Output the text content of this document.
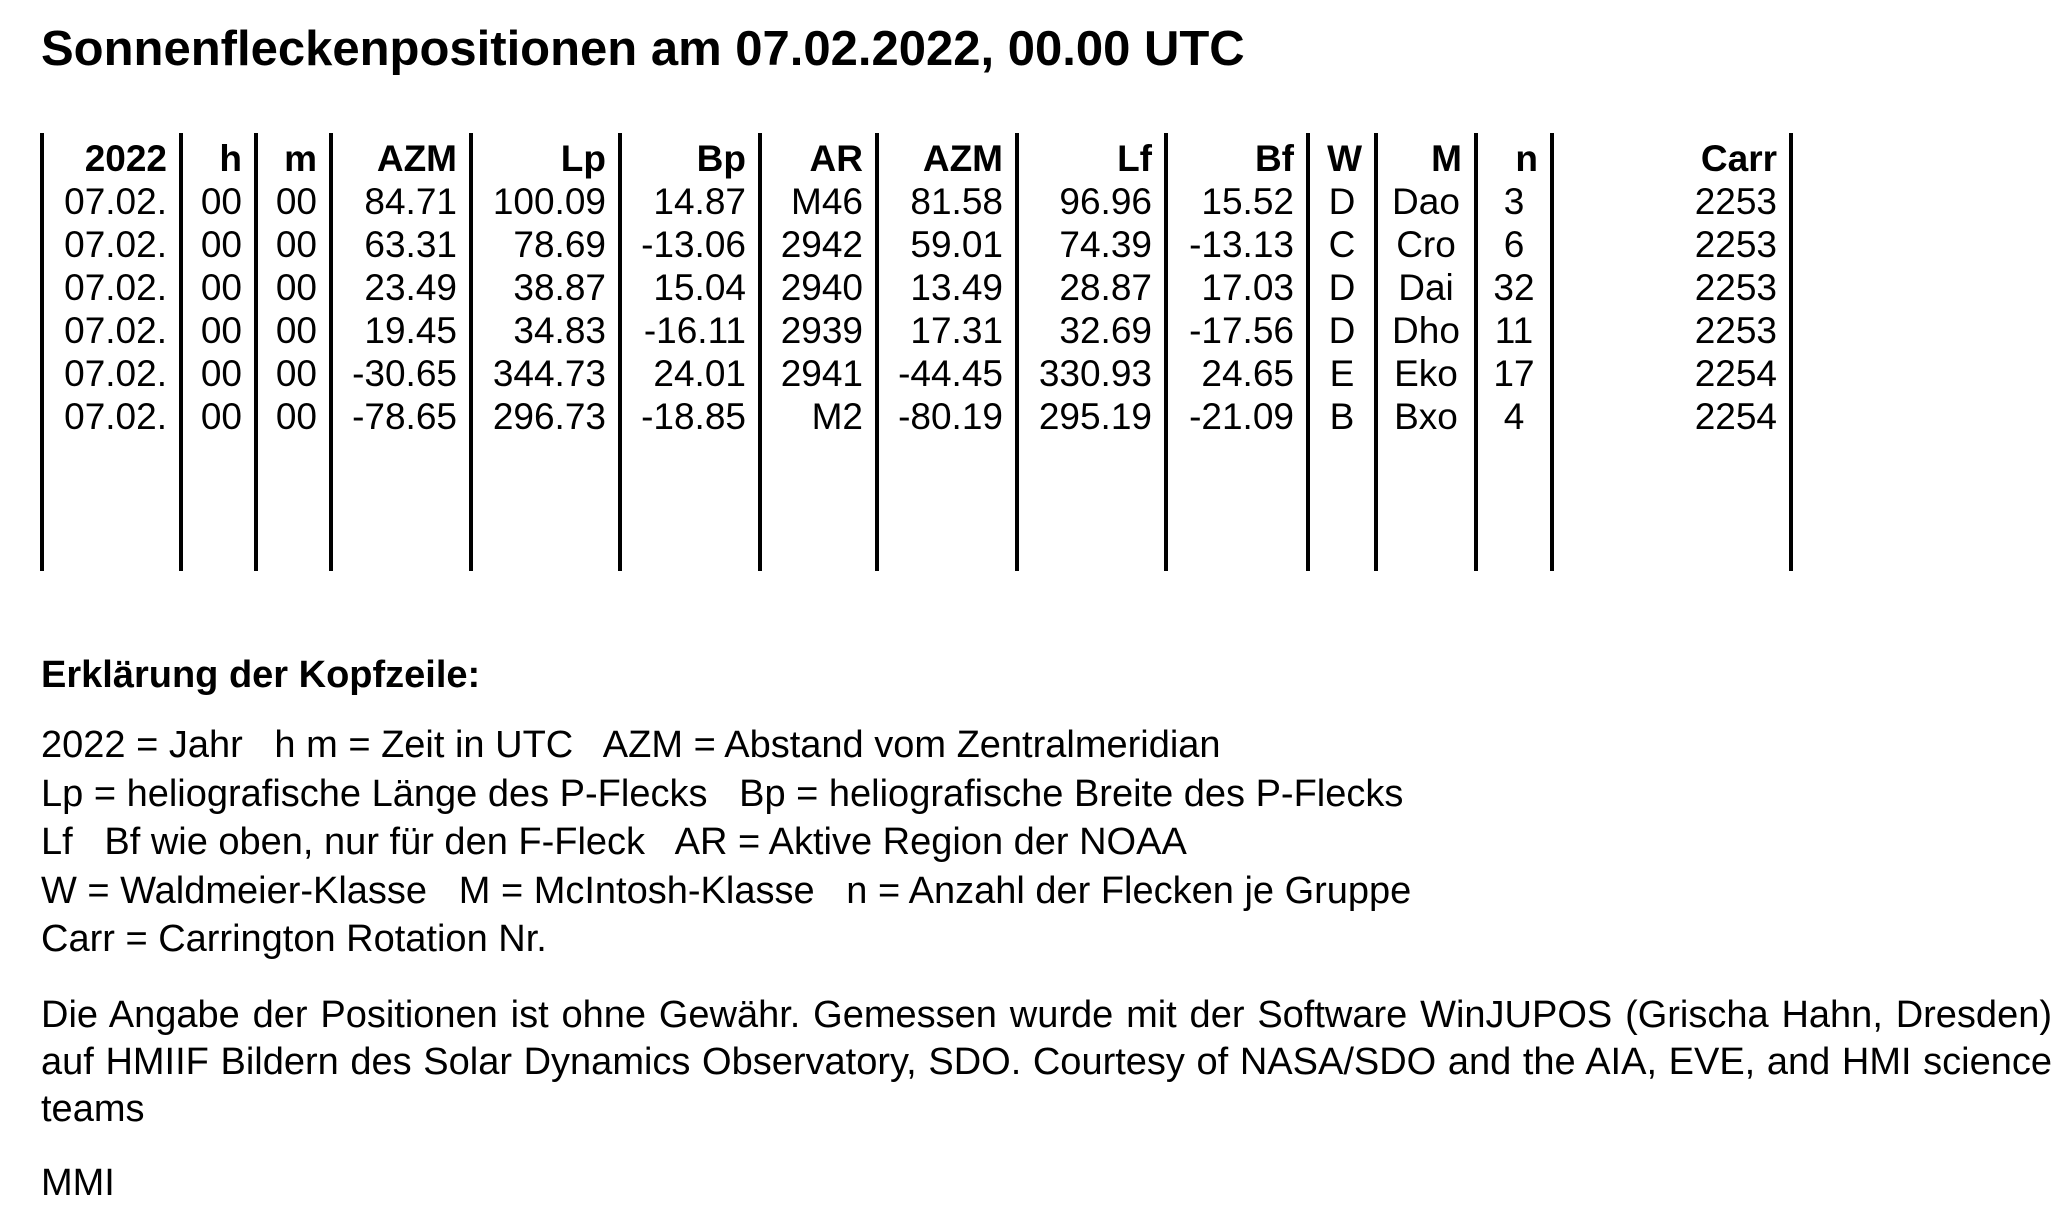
Sonnenfleckenpositionen am 07.02.2022, 00.00 UTC
2022	h	m	AZM	Lp	Bp	AR	AZM	Lf	Bf	W	M	n	Carr
07.02.	00	00	84.71	100.09	14.87	M46	81.58	96.96	15.52	D	Dao	3	2253
07.02.	00	00	63.31	78.69	-13.06	2942	59.01	74.39	-13.13	C	Cro	6	2253
07.02.	00	00	23.49	38.87	15.04	2940	13.49	28.87	17.03	D	Dai	32	2253
07.02.	00	00	19.45	34.83	-16.11	2939	17.31	32.69	-17.56	D	Dho	11	2253
07.02.	00	00	-30.65	344.73	24.01	2941	-44.45	330.93	24.65	E	Eko	17	2254
07.02.	00	00	-78.65	296.73	-18.85	M2	-80.19	295.19	-21.09	B	Bxo	4	2254

Erklärung der Kopfzeile:
2022 = Jahr   h m = Zeit in UTC   AZM = Abstand vom Zentralmeridian
Lp = heliografische Länge des P-Flecks   Bp = heliografische Breite des P-Flecks
Lf   Bf wie oben, nur für den F-Fleck   AR = Aktive Region der NOAA
W = Waldmeier-Klasse   M = McIntosh-Klasse   n = Anzahl der Flecken je Gruppe
Carr = Carrington Rotation Nr.

Die Angabe der Positionen ist ohne Gewähr. Gemessen wurde mit der Software WinJUPOS (Grischa Hahn, Dresden) auf HMIIF Bildern des Solar Dynamics Observatory, SDO. Courtesy of NASA/SDO and the AIA, EVE, and HMI science teams

MMI
